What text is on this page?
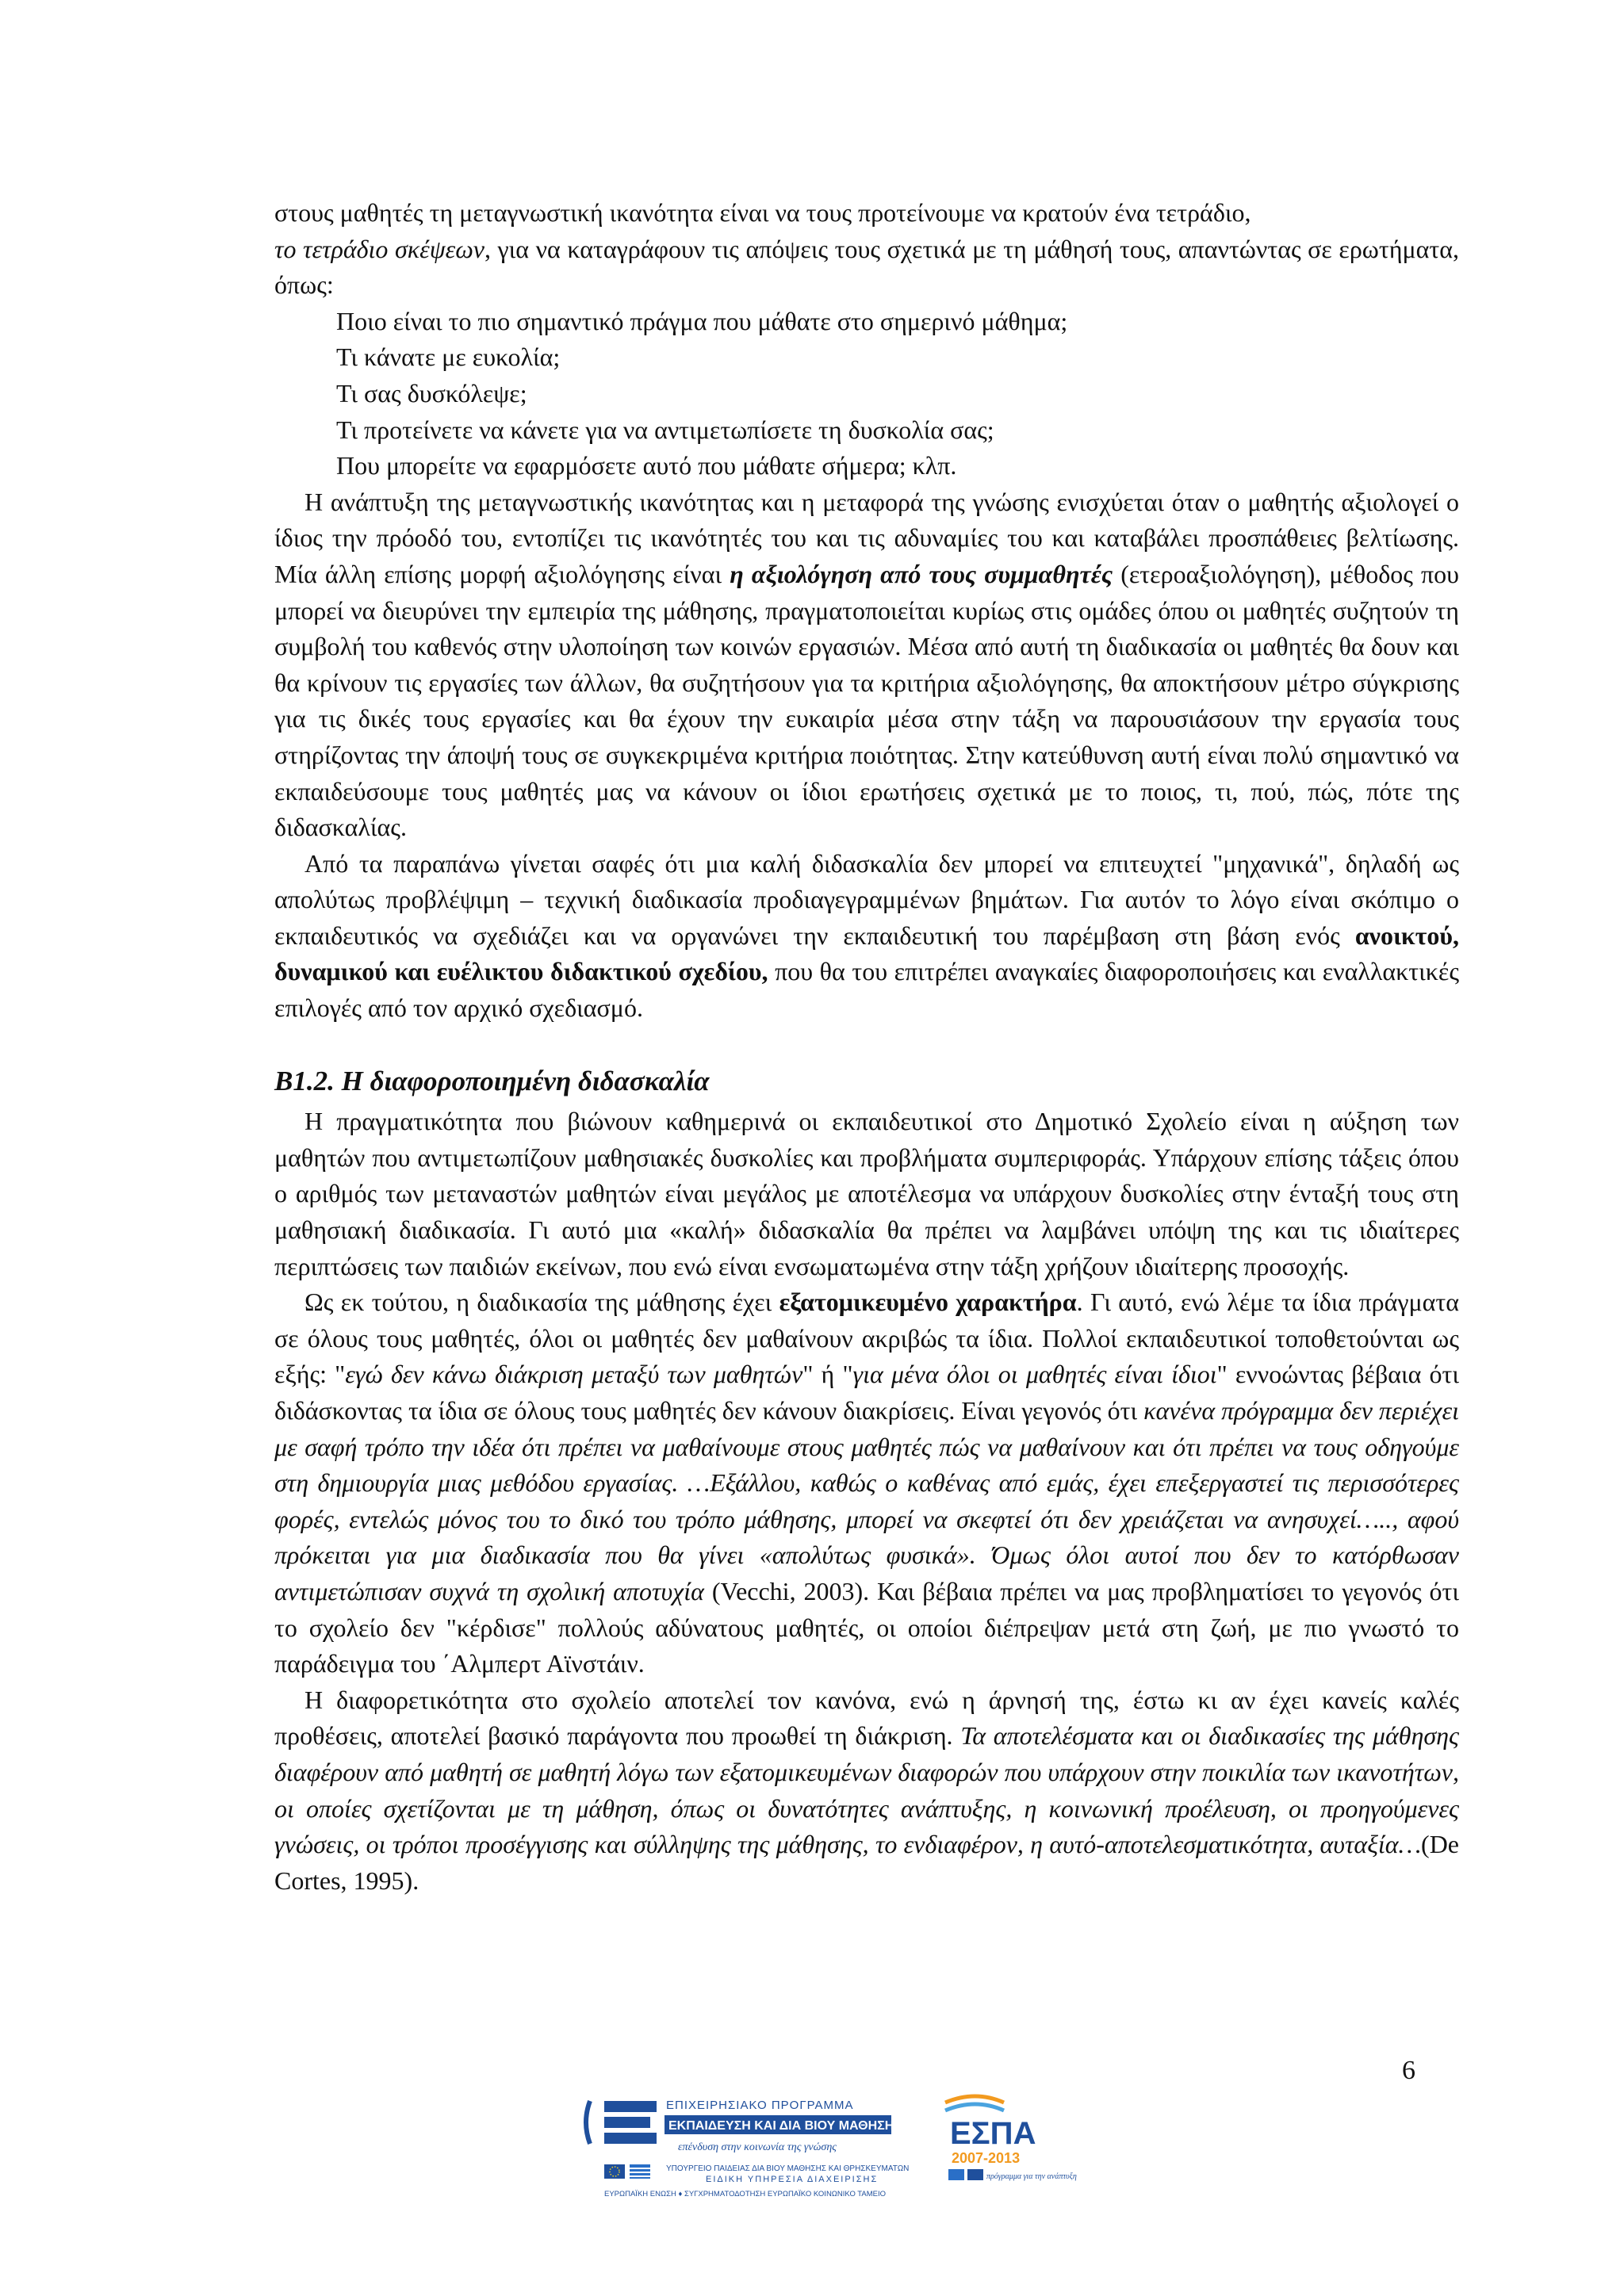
στους μαθητές τη μεταγνωστική ικανότητα είναι να τους προτείνουμε να κρατούν ένα τετράδιο,
το τετράδιο σκέψεων, για να καταγράφουν τις απόψεις τους σχετικά με τη μάθησή τους, απαντώντας σε ερωτήματα, όπως:

Ποιο είναι το πιο σημαντικό πράγμα που μάθατε στο σημερινό μάθημα;

Τι κάνατε με ευκολία;

Τι σας δυσκόλεψε;

Τι προτείνετε να κάνετε για να αντιμετωπίσετε τη δυσκολία σας;

Που μπορείτε να εφαρμόσετε αυτό που μάθατε σήμερα; κλπ.

Η ανάπτυξη της μεταγνωστικής ικανότητας και η μεταφορά της γνώσης ενισχύεται όταν ο μαθητής αξιολογεί ο ίδιος την πρόοδό του, εντοπίζει τις ικανότητές του και τις αδυναμίες του και καταβάλει προσπάθειες βελτίωσης. Μία άλλη επίσης μορφή αξιολόγησης είναι η αξιολόγηση από τους συμμαθητές (ετεροαξιολόγηση), μέθοδος που μπορεί να διευρύνει την εμπειρία της μάθησης, πραγματοποιείται κυρίως στις ομάδες όπου οι μαθητές συζητούν τη συμβολή του καθενός στην υλοποίηση των κοινών εργασιών. Μέσα από αυτή τη διαδικασία οι μαθητές θα δουν και θα κρίνουν τις εργασίες των άλλων, θα συζητήσουν για τα κριτήρια αξιολόγησης, θα αποκτήσουν μέτρο σύγκρισης για τις δικές τους εργασίες και θα έχουν την ευκαιρία μέσα στην τάξη να παρουσιάσουν την εργασία τους στηρίζοντας την άποψή τους σε συγκεκριμένα κριτήρια ποιότητας. Στην κατεύθυνση αυτή είναι πολύ σημαντικό να εκπαιδεύσουμε τους μαθητές μας να κάνουν οι ίδιοι ερωτήσεις σχετικά με το ποιος, τι, πού, πώς, πότε της διδασκαλίας.

Από τα παραπάνω γίνεται σαφές ότι μια καλή διδασκαλία δεν μπορεί να επιτευχτεί "μηχανικά", δηλαδή ως απολύτως προβλέψιμη – τεχνική διαδικασία προδιαγεγραμμένων βημάτων. Για αυτόν το λόγο είναι σκόπιμο ο εκπαιδευτικός να σχεδιάζει και να οργανώνει την εκπαιδευτική του παρέμβαση στη βάση ενός ανοικτού, δυναμικού και ευέλικτου διδακτικού σχεδίου, που θα του επιτρέπει αναγκαίες διαφοροποιήσεις και εναλλακτικές επιλογές από τον αρχικό σχεδιασμό.

Β1.2. Η διαφοροποιημένη διδασκαλία

Η πραγματικότητα που βιώνουν καθημερινά οι εκπαιδευτικοί στο Δημοτικό Σχολείο είναι η αύξηση των μαθητών που αντιμετωπίζουν μαθησιακές δυσκολίες και προβλήματα συμπεριφοράς. Υπάρχουν επίσης τάξεις όπου ο αριθμός των μεταναστών μαθητών είναι μεγάλος με αποτέλεσμα να υπάρχουν δυσκολίες στην ένταξή τους στη μαθησιακή διαδικασία. Γι αυτό μια «καλή» διδασκαλία θα πρέπει να λαμβάνει υπόψη της και τις ιδιαίτερες περιπτώσεις των παιδιών εκείνων, που ενώ είναι ενσωματωμένα στην τάξη χρήζουν ιδιαίτερης προσοχής.

Ως εκ τούτου, η διαδικασία της μάθησης έχει εξατομικευμένο χαρακτήρα. Γι αυτό, ενώ λέμε τα ίδια πράγματα σε όλους τους μαθητές, όλοι οι μαθητές δεν μαθαίνουν ακριβώς τα ίδια. Πολλοί εκπαιδευτικοί τοποθετούνται ως εξής: "εγώ δεν κάνω διάκριση μεταξύ των μαθητών" ή "για μένα όλοι οι μαθητές είναι ίδιοι" εννοώντας βέβαια ότι διδάσκοντας τα ίδια σε όλους τους μαθητές δεν κάνουν διακρίσεις. Είναι γεγονός ότι κανένα πρόγραμμα δεν περιέχει με σαφή τρόπο την ιδέα ότι πρέπει να μαθαίνουμε στους μαθητές πώς να μαθαίνουν και ότι πρέπει να τους οδηγούμε στη δημιουργία μιας μεθόδου εργασίας. …Εξάλλου, καθώς ο καθένας από εμάς, έχει επεξεργαστεί τις περισσότερες φορές, εντελώς μόνος του το δικό του τρόπο μάθησης, μπορεί να σκεφτεί ότι δεν χρειάζεται να ανησυχεί….., αφού πρόκειται για μια διαδικασία που θα γίνει «απολύτως φυσικά». Όμως όλοι αυτοί που δεν το κατόρθωσαν αντιμετώπισαν συχνά τη σχολική αποτυχία (Vecchi, 2003). Και βέβαια πρέπει να μας προβληματίσει το γεγονός ότι το σχολείο δεν "κέρδισε" πολλούς αδύνατους μαθητές, οι οποίοι διέπρεψαν μετά στη ζωή, με πιο γνωστό το παράδειγμα του ΄Αλμπερτ Αϊνστάιν.

Η διαφορετικότητα στο σχολείο αποτελεί τον κανόνα, ενώ η άρνησή της, έστω κι αν έχει κανείς καλές προθέσεις, αποτελεί βασικό παράγοντα που προωθεί τη διάκριση. Τα αποτελέσματα και οι διαδικασίες της μάθησης διαφέρουν από μαθητή σε μαθητή λόγω των εξατομικευμένων διαφορών που υπάρχουν στην ποικιλία των ικανοτήτων, οι οποίες σχετίζονται με τη μάθηση, όπως οι δυνατότητες ανάπτυξης, η κοινωνική προέλευση, οι προηγούμενες γνώσεις, οι τρόποι προσέγγισης και σύλληψης της μάθησης, το ενδιαφέρον, η αυτό-αποτελεσματικότητα, αυταξία…(De Cortes, 1995).

6
ΕΠΙΧΕΙΡΗΣΙΑΚΟ ΠΡΟΓΡΑΜΜΑ
ΕΚΠΑΙΔΕΥΣΗ ΚΑΙ ΔΙΑ ΒΙΟΥ ΜΑΘΗΣΗ
επένδυση στην κοινωνία της γνώσης
ΥΠΟΥΡΓΕΙΟ ΠΑΙΔΕΙΑΣ ΔΙΑ ΒΙΟΥ ΜΑΘΗΣΗΣ ΚΑΙ ΘΡΗΣΚΕΥΜΑΤΩΝ
ΕΙΔΙΚΗ ΥΠΗΡΕΣΙΑ ΔΙΑΧΕΙΡΙΣΗΣ
ΕΥΡΩΠΑΪΚΗ ΕΝΩΣΗ ♦ ΣΥΓΧΡΗΜΑΤΟΔΟΤΗΣΗ ΕΥΡΩΠΑΪΚΟ ΚΟΙΝΩΝΙΚΟ ΤΑΜΕΙΟ
ΕΣΠΑ
2007-2013
πρόγραμμα για την ανάπτυξη
